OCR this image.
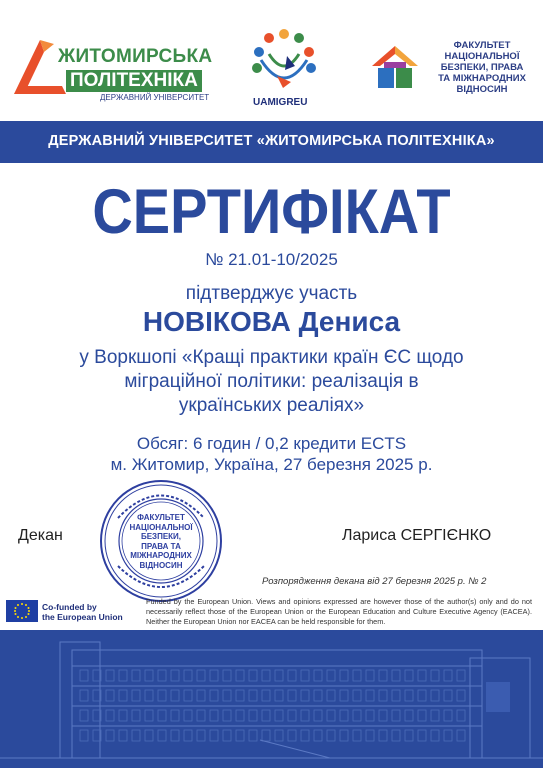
ЖИТОМИРСЬКА
ПОЛІТЕХНІКА
ДЕРЖАВНИЙ УНІВЕРСИТЕТ	UAMIGREU
ФАКУЛЬТЕТ
НАЦІОНАЛЬНОЇ
БЕЗПЕКИ, ПРАВА
ТА МІЖНАРОДНИХ
ВІДНОСИН
ДЕРЖАВНИЙ УНІВЕРСИТЕТ «ЖИТОМИРСЬКА ПОЛІТЕХНІКА»
СЕРТИФІКАТ
№ 21.01-10/2025
підтверджує участь
НОВІКОВА Дениса
у Воркшопі «Кращі практики країн ЄС щодо
міграційної політики: реалізація в
українських реаліях»
Обсяг: 6 годин / 0,2 кредити ECTS
м. Житомир, Україна, 27 березня 2025 р.
ФАКУЛЬТЕТ
НАЦІОНАЛЬНОЇ
БЕЗПЕКИ,
ПРАВА ТА
МІЖНАРОДНИХ
ВІДНОСИН
Декан	Лариса СЕРГІЄНКО
Розпорядження декана від 27 березня 2025 р. № 2
Co-funded by
the European Union
Funded by the European Union. Views and opinions expressed are however those of the author(s) only and do not necessarily reflect those of the European Union or the European Education and Culture Executive Agency (EACEA). Neither the European Union nor EACEA can be held responsible for them.
